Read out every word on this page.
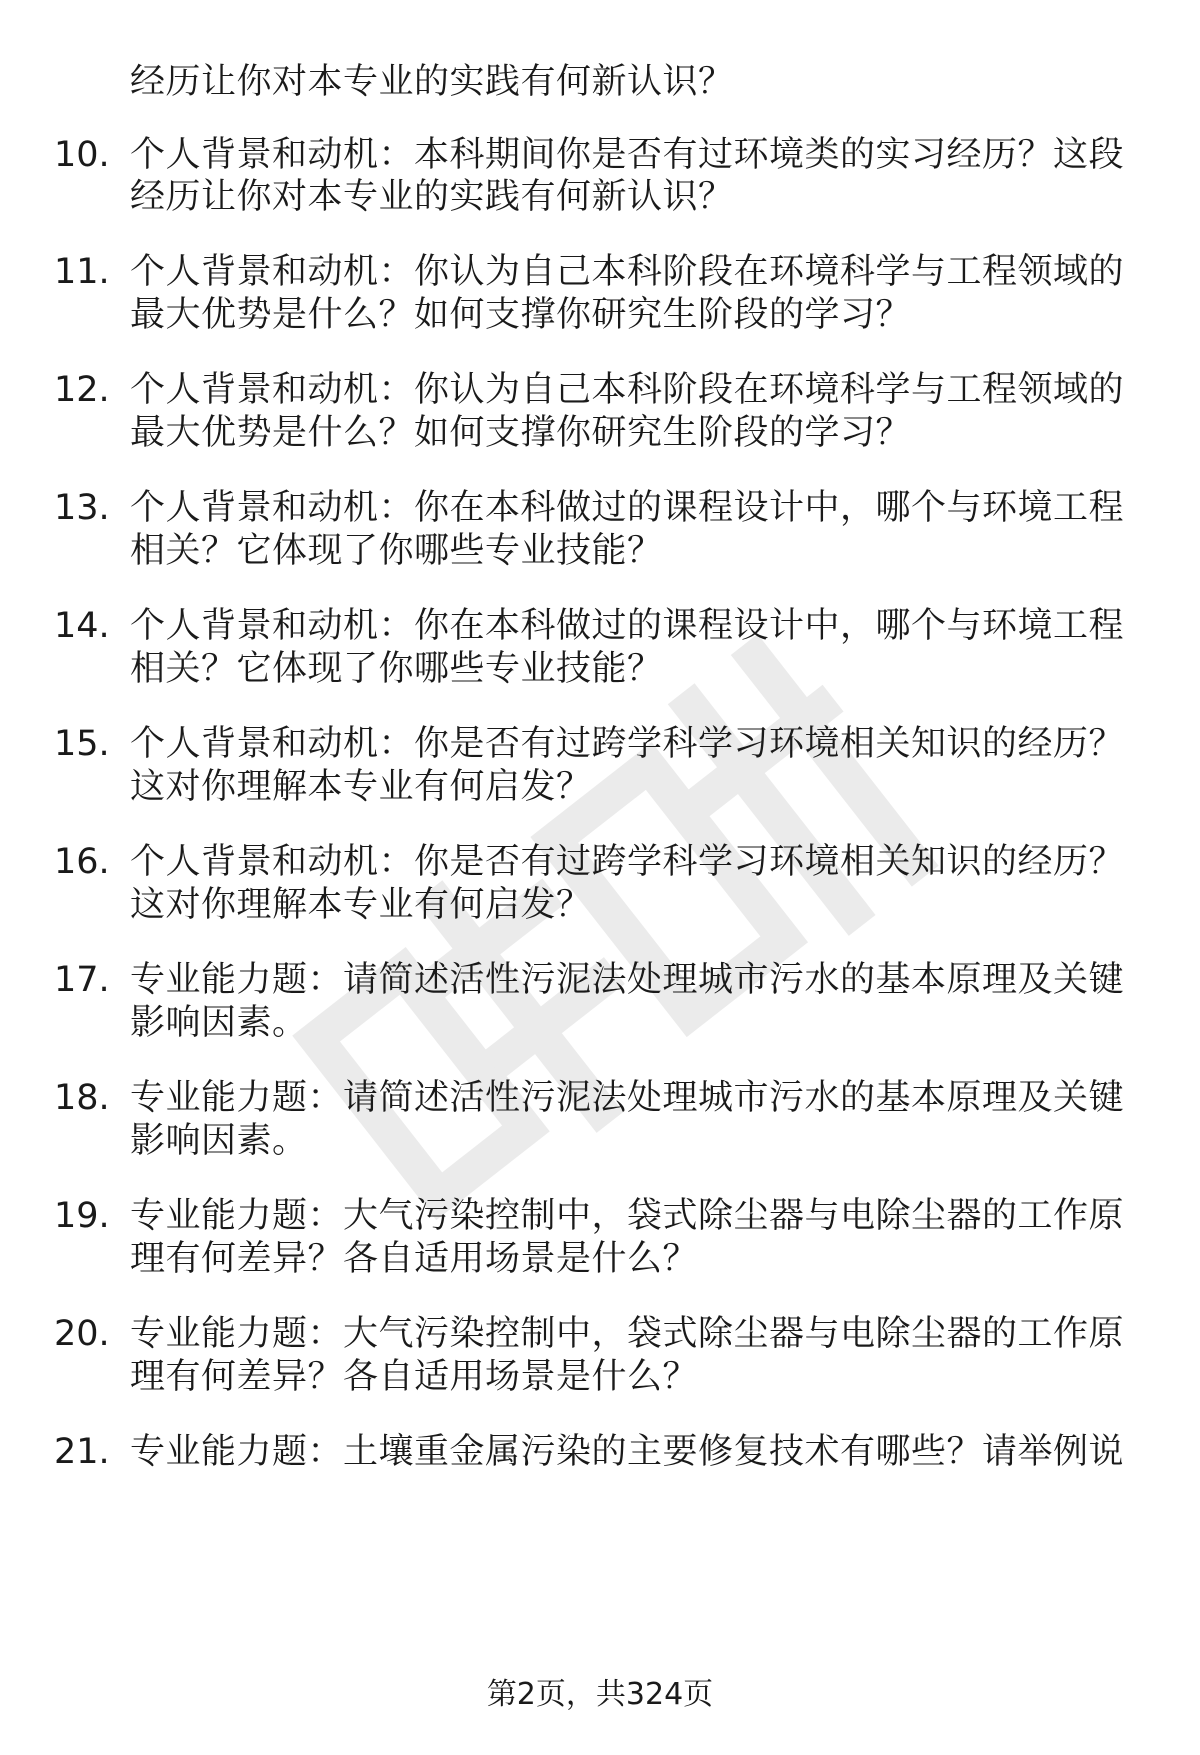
经历让你对本专业的实践有何新认识？
10. 个人背景和动机：本科期间你是否有过环境类的实习经历？这段
经历让你对本专业的实践有何新认识？
11. 个人背景和动机：你认为自己本科阶段在环境科学与工程领域的
最大优势是什么？如何支撑你研究生阶段的学习？
12. 个人背景和动机：你认为自己本科阶段在环境科学与工程领域的
最大优势是什么？如何支撑你研究生阶段的学习？
13. 个人背景和动机：你在本科做过的课程设计中，哪个与环境工程
相关？它体现了你哪些专业技能？
14. 个人背景和动机：你在本科做过的课程设计中，哪个与环境工程
相关？它体现了你哪些专业技能？
15. 个人背景和动机：你是否有过跨学科学习环境相关知识的经历？
这对你理解本专业有何启发？
16. 个人背景和动机：你是否有过跨学科学习环境相关知识的经历？
这对你理解本专业有何启发？
17. 专业能力题：请简述活性污泥法处理城市污水的基本原理及关键
影响因素。
18. 专业能力题：请简述活性污泥法处理城市污水的基本原理及关键
影响因素。
19. 专业能力题：大气污染控制中，袋式除尘器与电除尘器的工作原
理有何差异？各自适用场景是什么？
20. 专业能力题：大气污染控制中，袋式除尘器与电除尘器的工作原
理有何差异？各自适用场景是什么？
21. 专业能力题：土壤重金属污染的主要修复技术有哪些？请举例说
第2页，共324页
